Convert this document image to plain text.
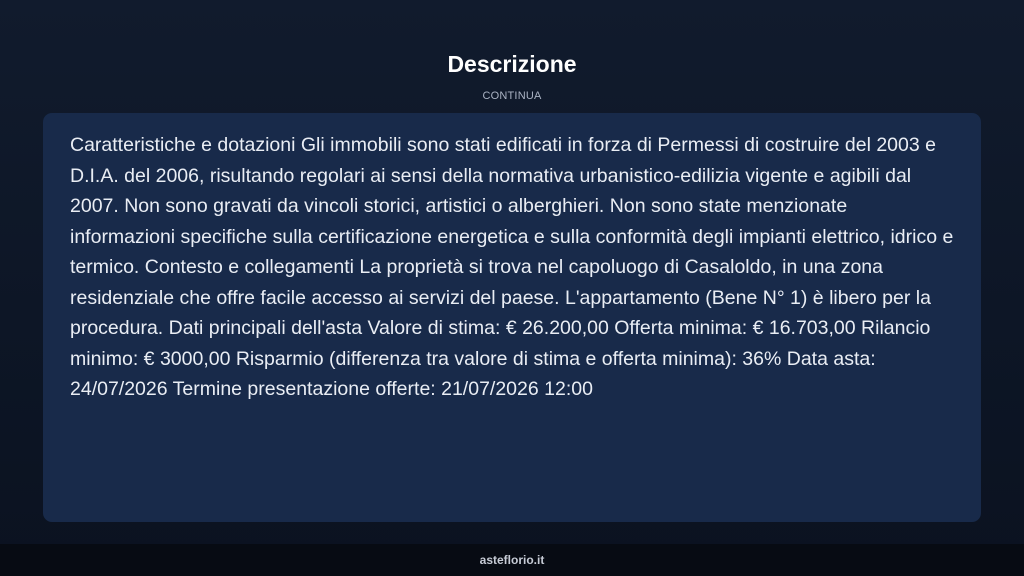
Descrizione
CONTINUA

Caratteristiche e dotazioni Gli immobili sono stati edificati in forza di Permessi di costruire del 2003 e D.I.A. del 2006, risultando regolari ai sensi della normativa urbanistico-edilizia vigente e agibili dal 2007. Non sono gravati da vincoli storici, artistici o alberghieri. Non sono state menzionate informazioni specifiche sulla certificazione energetica e sulla conformità degli impianti elettrico, idrico e termico. Contesto e collegamenti La proprietà si trova nel capoluogo di Casaloldo, in una zona residenziale che offre facile accesso ai servizi del paese. L'appartamento (Bene N° 1) è libero per la procedura. Dati principali dell'asta Valore di stima: € 26.200,00 Offerta minima: € 16.703,00 Rilancio minimo: € 3000,00 Risparmio (differenza tra valore di stima e offerta minima): 36% Data asta: 24/07/2026 Termine presentazione offerte: 21/07/2026 12:00

asteflorio.it
